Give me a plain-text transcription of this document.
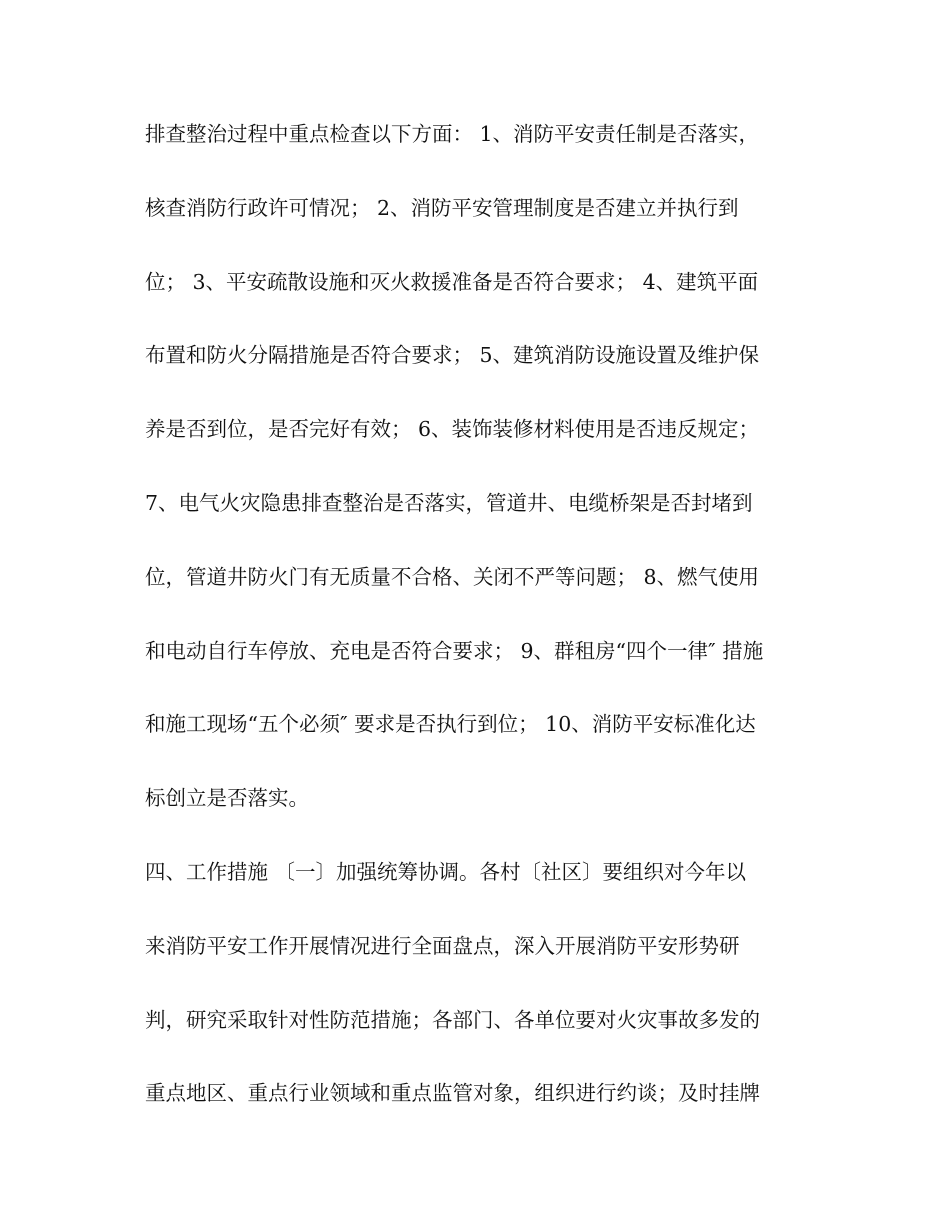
排查整治过程中重点检查以下方面： 1、消防平安责任制是否落实，
核查消防行政许可情况； 2、消防平安管理制度是否建立并执行到
位； 3、平安疏散设施和灭火救援准备是否符合要求； 4、建筑平面
布置和防火分隔措施是否符合要求； 5、建筑消防设施设置及维护保
养是否到位，是否完好有效； 6、装饰装修材料使用是否违反规定；
7、电气火灾隐患排查整治是否落实，管道井、电缆桥架是否封堵到
位，管道井防火门有无质量不合格、关闭不严等问题； 8、燃气使用
和电动自行车停放、充电是否符合要求； 9、群租房“四个一律″ 措施
和施工现场“五个必须″ 要求是否执行到位； 10、消防平安标准化达
标创立是否落实。
四、工作措施 〔一〕加强统筹协调。各村〔社区〕要组织对今年以
来消防平安工作开展情况进行全面盘点，深入开展消防平安形势研
判，研究采取针对性防范措施；各部门、各单位要对火灾事故多发的
重点地区、重点行业领域和重点监管对象，组织进行约谈；及时挂牌
